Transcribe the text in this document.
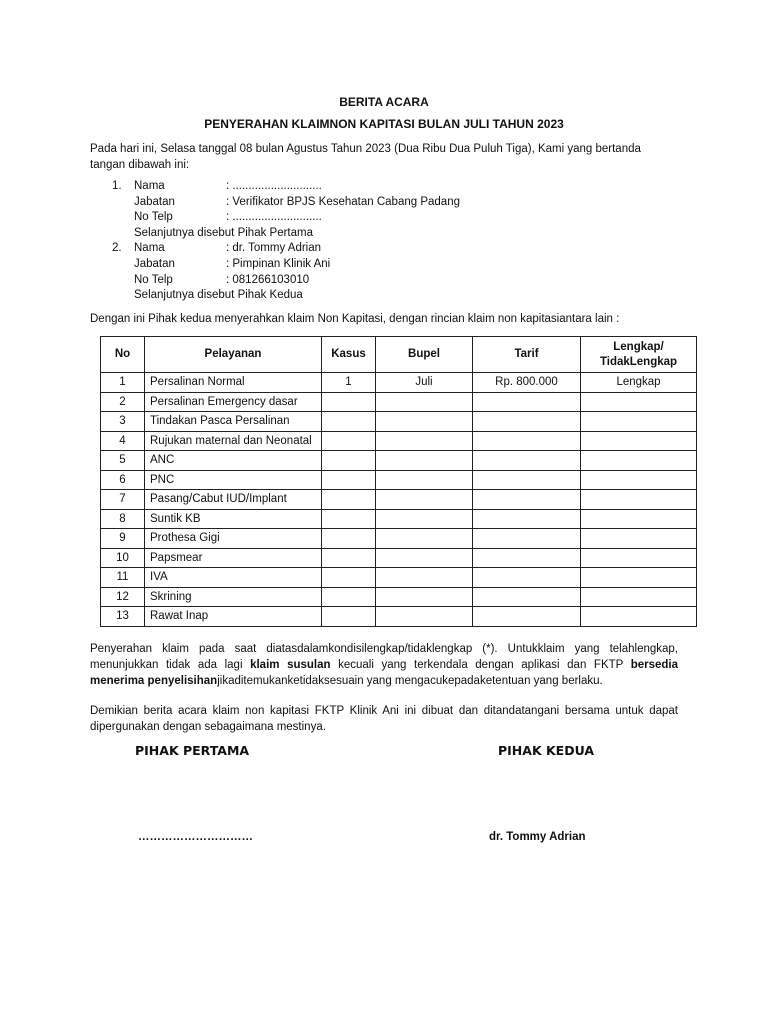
BERITA ACARA
PENYERAHAN KLAIMNON KAPITASI BULAN JULI TAHUN 2023
Pada hari ini, Selasa tanggal 08 bulan Agustus Tahun 2023 (Dua Ribu Dua Puluh Tiga), Kami yang bertanda tangan dibawah ini:
1.	Nama	: ............................
Jabatan	: Verifikator BPJS Kesehatan Cabang Padang
No Telp	: ............................
Selanjutnya disebut Pihak Pertama
2.	Nama	: dr. Tommy Adrian
Jabatan	: Pimpinan Klinik Ani
No Telp	: 081266103010
Selanjutnya disebut Pihak Kedua
Dengan ini Pihak kedua menyerahkan klaim Non Kapitasi, dengan rincian klaim non kapitasiantara lain :
No	Pelayanan	Kasus	Bupel	Tarif	Lengkap/
TidakLengkap
1	Persalinan Normal	1	Juli	Rp. 800.000	Lengkap
2	Persalinan Emergency dasar				
3	Tindakan Pasca Persalinan				
4	Rujukan maternal dan Neonatal				
5	ANC				
6	PNC				
7	Pasang/Cabut IUD/Implant				
8	Suntik KB				
9	Prothesa Gigi				
10	Papsmear				
11	IVA				
12	Skrining				
13	Rawat Inap				
Penyerahan klaim pada saat diatasdalamkondisilengkap/tidaklengkap (*). Untukklaim yang telahlengkap, menunjukkan tidak ada lagi klaim susulan kecuali yang terkendala dengan aplikasi dan FKTP bersedia menerima penyelisihanjikaditemukanketidaksesuain yang mengacukepadaketentuan yang berlaku.
Demikian berita acara klaim non kapitasi FKTP Klinik Ani ini dibuat dan ditandatangani bersama untuk dapat dipergunakan dengan sebagaimana mestinya.
PIHAK PERTAMA	PIHAK KEDUA
…………………………	dr. Tommy Adrian
